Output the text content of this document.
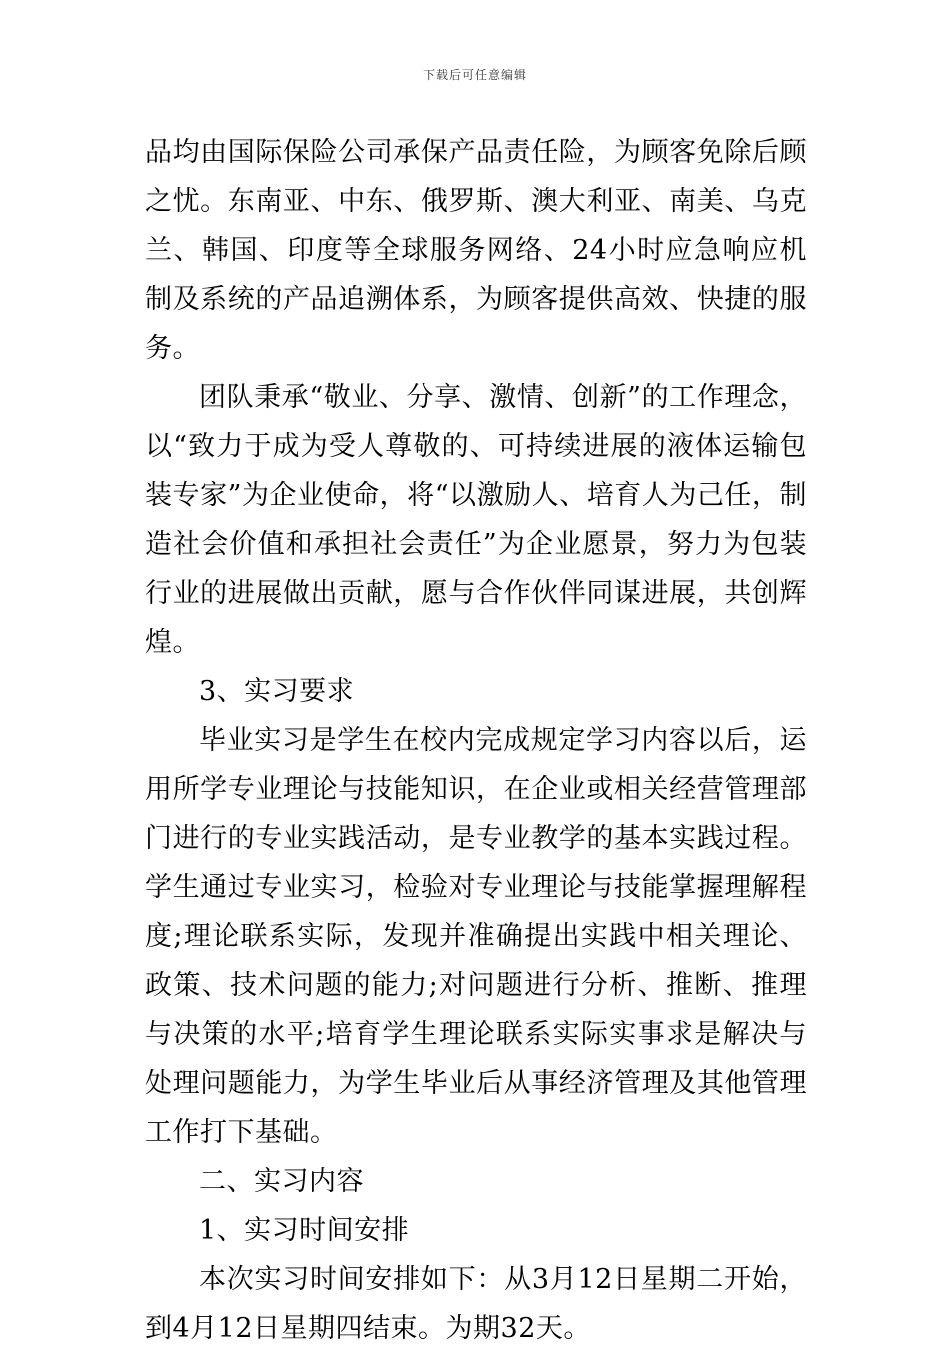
下载后可任意编辑

品均由国际保险公司承保产品责任险，为顾客免除后顾之忧。东南亚、中东、俄罗斯、澳大利亚、南美、乌克兰、韩国、印度等全球服务网络、24小时应急响应机制及系统的产品追溯体系，为顾客提供高效、快捷的服务。

团队秉承“敬业、分享、激情、创新”的工作理念，以“致力于成为受人尊敬的、可持续进展的液体运输包装专家”为企业使命，将“以激励人、培育人为己任，制造社会价值和承担社会责任”为企业愿景，努力为包装行业的进展做出贡献，愿与合作伙伴同谋进展，共创辉煌。

3、实习要求

毕业实习是学生在校内完成规定学习内容以后，运用所学专业理论与技能知识，在企业或相关经营管理部门进行的专业实践活动，是专业教学的基本实践过程。学生通过专业实习，检验对专业理论与技能掌握理解程度;理论联系实际，发现并准确提出实践中相关理论、政策、技术问题的能力;对问题进行分析、推断、推理与决策的水平;培育学生理论联系实际实事求是解决与处理问题能力，为学生毕业后从事经济管理及其他管理工作打下基础。

二、实习内容

1、实习时间安排

本次实习时间安排如下：从3月12日星期二开始，到4月12日星期四结束。为期32天。
